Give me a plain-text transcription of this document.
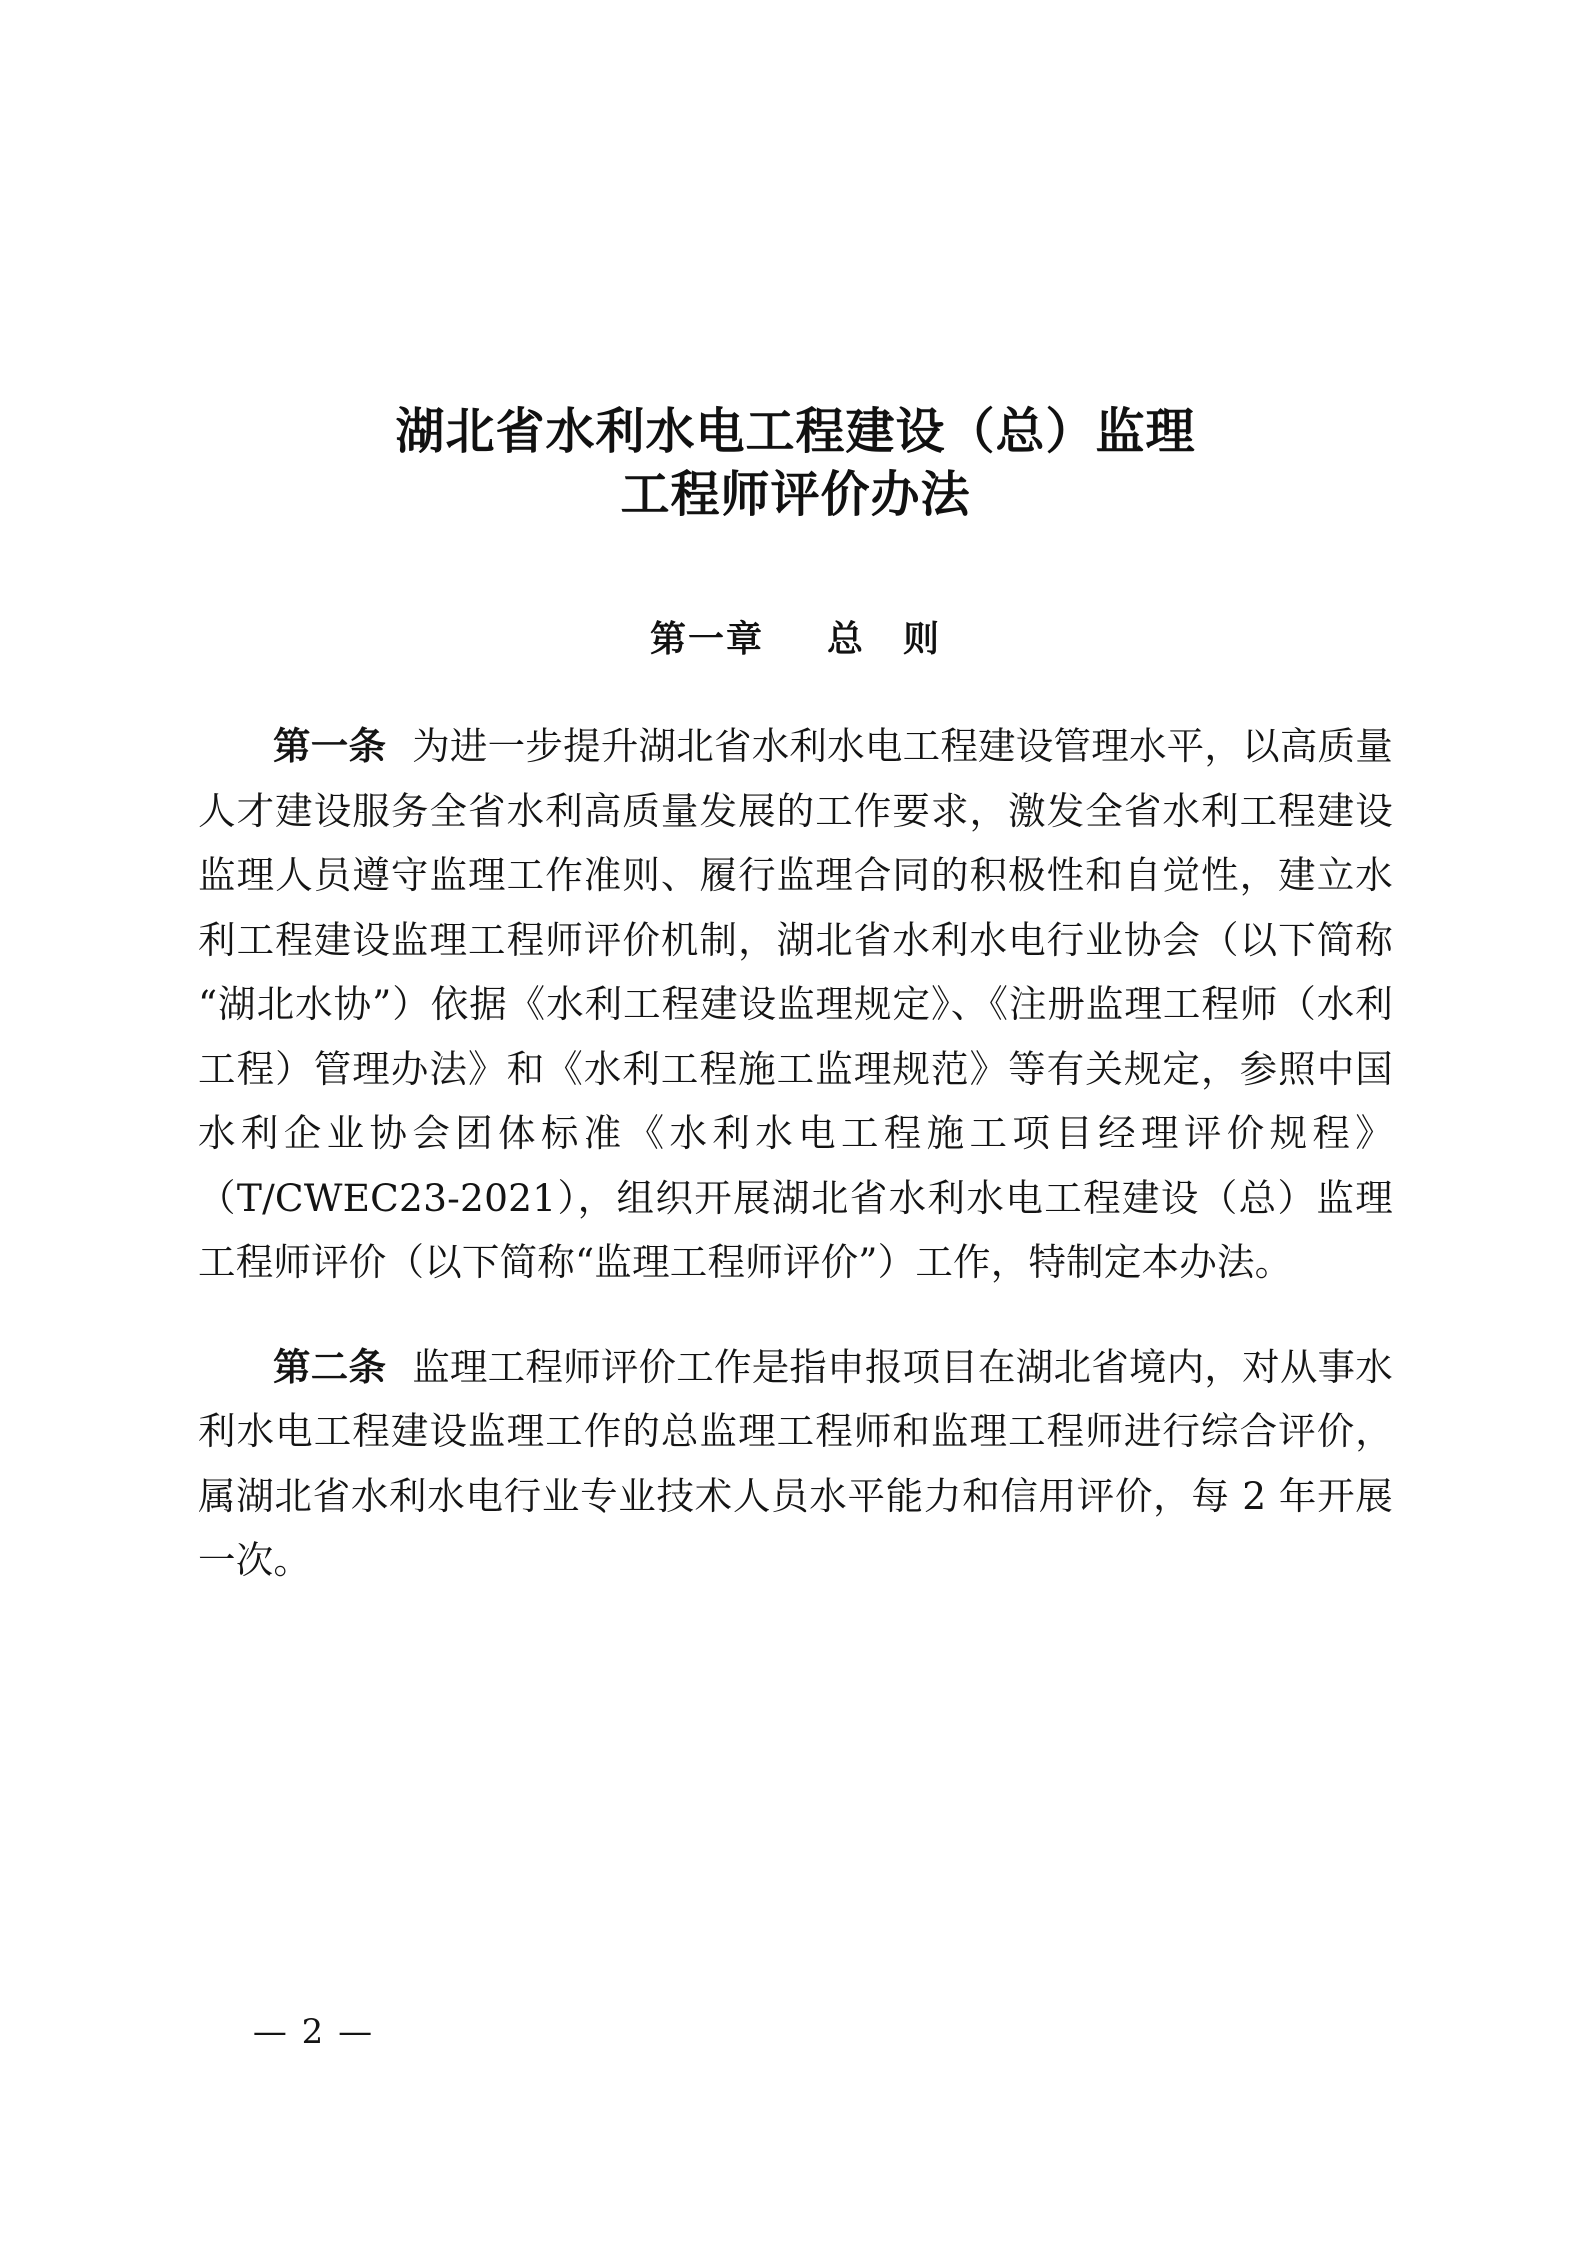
湖北省水利水电工程建设（总）监理
工程师评价办法
第一章 总　则

第一条 为进一步提升湖北省水利水电工程建设管理水平，以高质量人才建设服务全省水利高质量发展的工作要求，激发全省水利工程建设监理人员遵守监理工作准则、履行监理合同的积极性和自觉性，建立水利工程建设监理工程师评价机制，湖北省水利水电行业协会（以下简称“湖北水协”）依据《水利工程建设监理规定》、《注册监理工程师（水利工程）管理办法》和《水利工程施工监理规范》等有关规定，参照中国水利企业协会团体标准《水利水电工程施工项目经理评价规程》（T/CWEC23-2021），组织开展湖北省水利水电工程建设（总）监理工程师评价（以下简称“监理工程师评价”）工作，特制定本办法。

第二条 监理工程师评价工作是指申报项目在湖北省境内，对从事水利水电工程建设监理工作的总监理工程师和监理工程师进行综合评价，属湖北省水利水电行业专业技术人员水平能力和信用评价，每 2 年开展一次。

— 2 —
